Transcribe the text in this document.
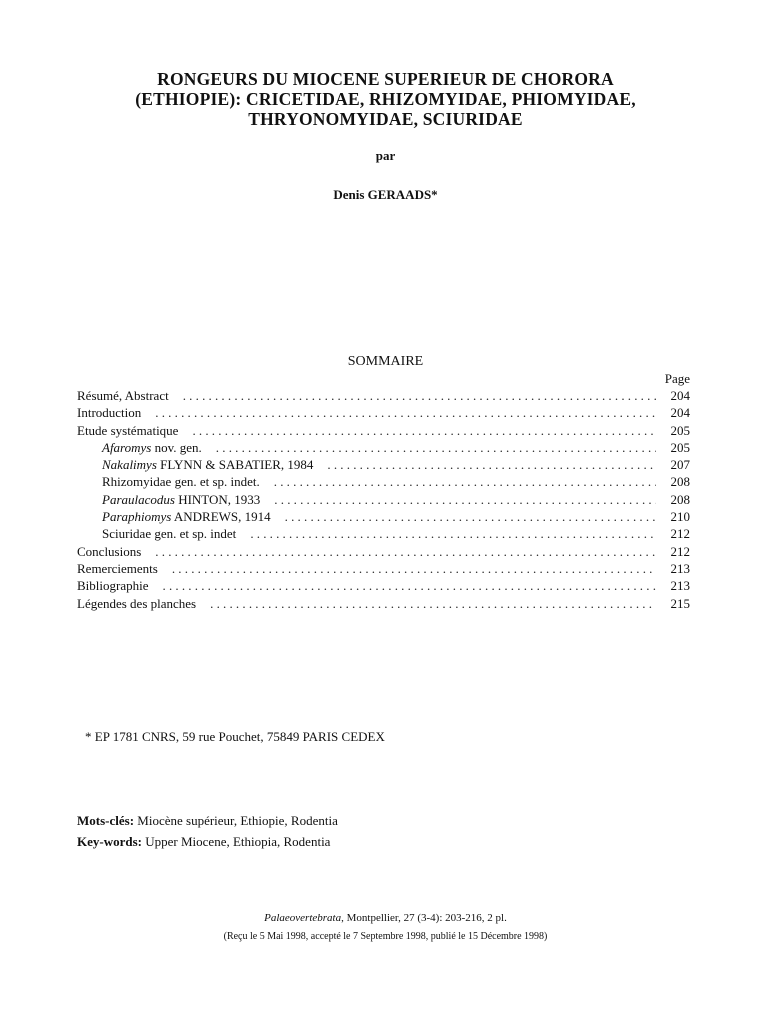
RONGEURS DU MIOCENE SUPERIEUR DE CHORORA
(ETHIOPIE): CRICETIDAE, RHIZOMYIDAE, PHIOMYIDAE,
THRYONOMYIDAE, SCIURIDAE
par
Denis GERAADS*
SOMMAIRE
Page
Résumé, Abstract .....	204
Introduction .....	204
Etude systématique .....	205
Afaromys nov. gen. .....	205
Nakalimys FLYNN & SABATIER, 1984 .....	207
Rhizomyidae gen. et sp. indet. .....	208
Paraulacodus HINTON, 1933 .....	208
Paraphiomys ANDREWS, 1914 .....	210
Sciuridae gen. et sp. indet .....	212
Conclusions .....	212
Remerciements .....	213
Bibliographie .....	213
Légendes des planches .....	215
* EP 1781 CNRS, 59 rue Pouchet, 75849 PARIS CEDEX
Mots-clés: Miocène supérieur, Ethiopie, Rodentia
Key-words: Upper Miocene, Ethiopia, Rodentia
Palaeovertebrata, Montpellier, 27 (3-4): 203-216, 2 pl.
(Reçu le 5 Mai 1998, accepté le 7 Septembre 1998, publié le 15 Décembre 1998)
